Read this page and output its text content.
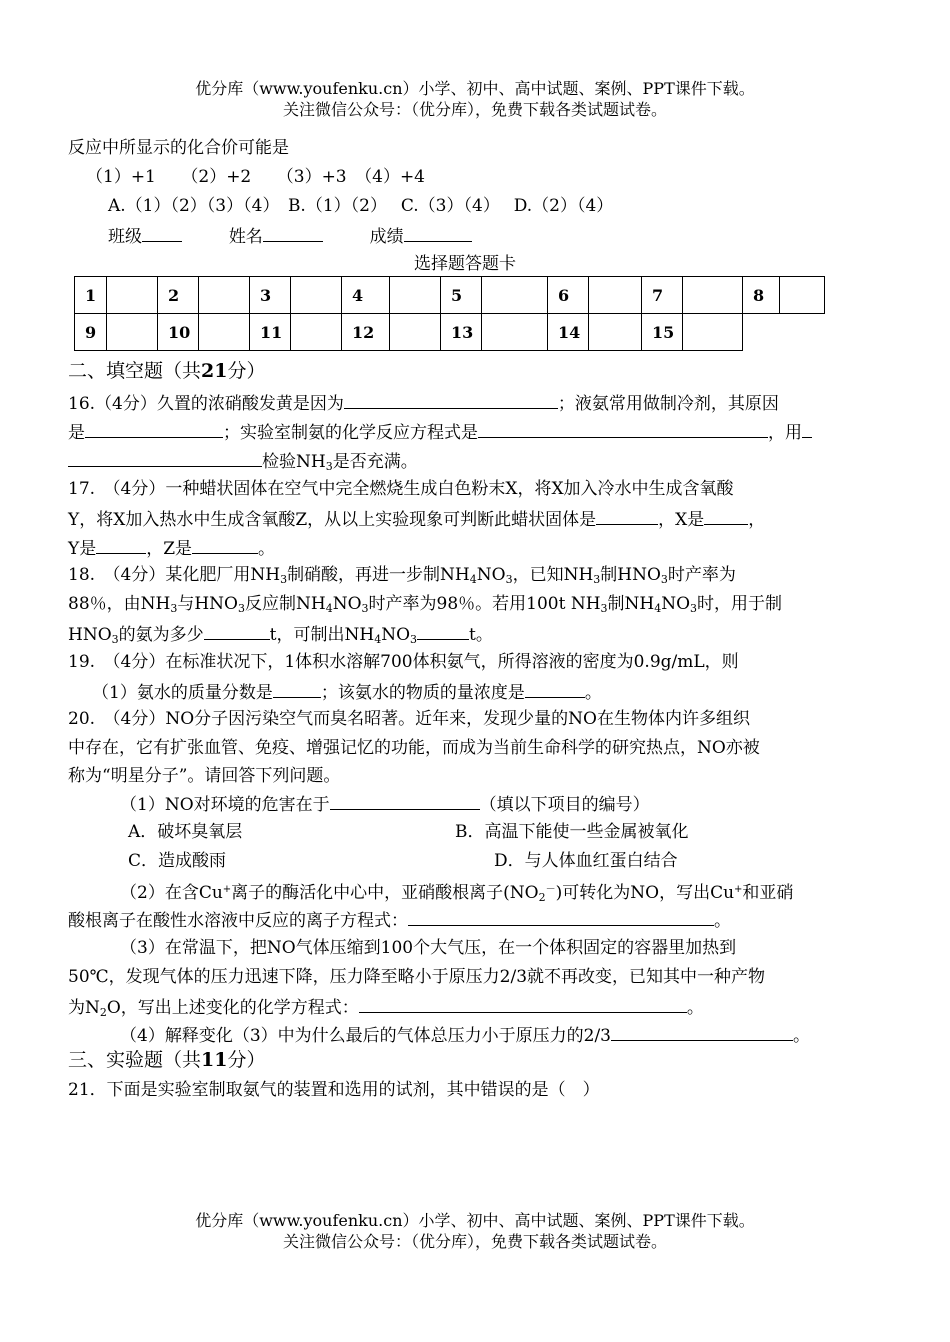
优分库（www.youfenku.cn）小学、初中、高中试题、案例、PPT课件下载。
关注微信公众号：（优分库），免费下载各类试题试卷。
反应中所显示的化合价可能是
（1）+1　　（2）+2　　（3）+3　（4）+4
A.（1）（2）（3）（4）　B.（1）（2）　 C.（3）（4）　 D.（2）（4）
班级	姓名	成绩
选择题答题卡
1		2		3		4		5		6		7		8	
9		10		11		12		13		14		15			
二、填空题（共21分）
16.（4分）久置的浓硝酸发黄是因为	；液氨常用做制冷剂，其原因
是	；实验室制氨的化学反应方程式是	，用
检验$NH_3$是否充满。
17.　（4分）一种蜡状固体在空气中完全燃烧生成白色粉末X，将X加入冷水中生成含氧酸
Y，将X加入热水中生成含氧酸Z，从以上实验现象可判断此蜡状固体是	，X是	，
Y是	，Z是	。
18.　（4分）某化肥厂用$NH_3$制硝酸，再进一步制$NH_4NO_3$，已知$NH_3$制$HNO_3$时产率为
88％，由$NH_3$与$HNO_3$反应制$NH_4NO_3$时产率为98％。若用100t $NH_3$制$NH_4NO_3$时，用于制
$HNO_3$的氨为多少	t，可制出$NH_4NO_3$	t。
19.　（4分）在标准状况下，1体积水溶解700体积氨气，所得溶液的密度为0.9g/mL，则
（1）氨水的质量分数是	；该氨水的物质的量浓度是	。
20.　（4分）NO分子因污染空气而臭名昭著。近年来，发现少量的NO在生物体内许多组织
中存在，它有扩张血管、免疫、增强记忆的功能，而成为当前生命科学的研究热点，NO亦被
称为“明星分子”。请回答下列问题。
（1）NO对环境的危害在于	（填以下项目的编号）
A．破坏臭氧层	B．高温下能使一些金属被氧化
C．造成酸雨	D．与人体血红蛋白结合
（2）在含Cu+离子的酶活化中心中，亚硝酸根离子$(NO_2^-)$可转化为NO，写出Cu+和亚硝
酸根离子在酸性水溶液中反应的离子方程式：	。
（3）在常温下，把NO气体压缩到100个大气压，在一个体积固定的容器里加热到
50℃，发现气体的压力迅速下降，压力降至略小于原压力2/3就不再改变，已知其中一种产物
为$N_2O$，写出上述变化的化学方程式：	。
（4）解释变化（3）中为什么最后的气体总压力小于原压力的2/3	。
三、实验题（共11分）
21．下面是实验室制取氨气的装置和选用的试剂，其中错误的是（　）
优分库（www.youfenku.cn）小学、初中、高中试题、案例、PPT课件下载。
关注微信公众号：（优分库），免费下载各类试题试卷。
